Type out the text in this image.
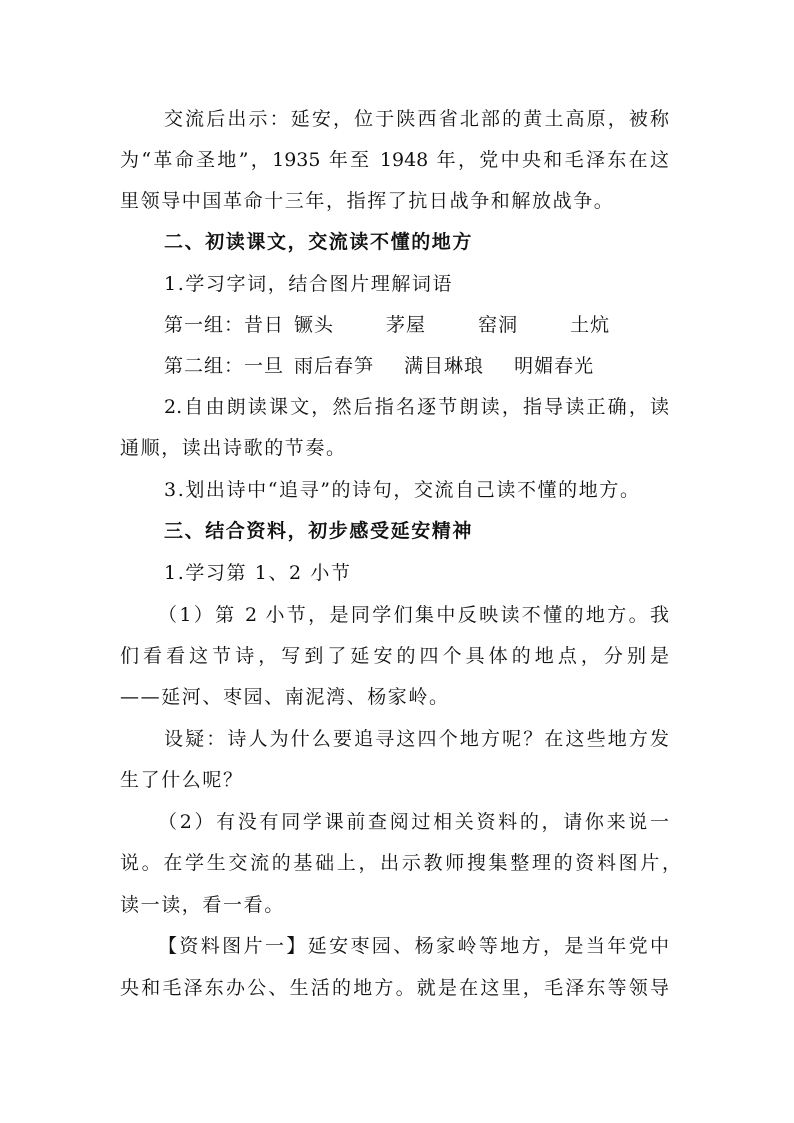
交流后出示：延安，位于陕西省北部的黄土高原，被称
为“革命圣地”，1935 年至 1948 年，党中央和毛泽东在这
里领导中国革命十三年，指挥了抗日战争和解放战争。
二、初读课文，交流读不懂的地方
1.学习字词，结合图片理解词语
第一组：昔日 镢头	茅屋	窑洞	土炕
第二组：一旦 雨后春笋 满目琳琅 明媚春光
2.自由朗读课文，然后指名逐节朗读，指导读正确，读
通顺，读出诗歌的节奏。
3.划出诗中“追寻”的诗句，交流自己读不懂的地方。
三、结合资料，初步感受延安精神
1.学习第 1、2 小节
（1）第 2 小节，是同学们集中反映读不懂的地方。我
们看看这节诗，写到了延安的四个具体的地点，分别是
——延河、枣园、南泥湾、杨家岭。
设疑：诗人为什么要追寻这四个地方呢？在这些地方发
生了什么呢？
（2）有没有同学课前查阅过相关资料的，请你来说一
说。在学生交流的基础上，出示教师搜集整理的资料图片，
读一读，看一看。
【资料图片一】延安枣园、杨家岭等地方，是当年党中
央和毛泽东办公、生活的地方。就是在这里，毛泽东等领导
